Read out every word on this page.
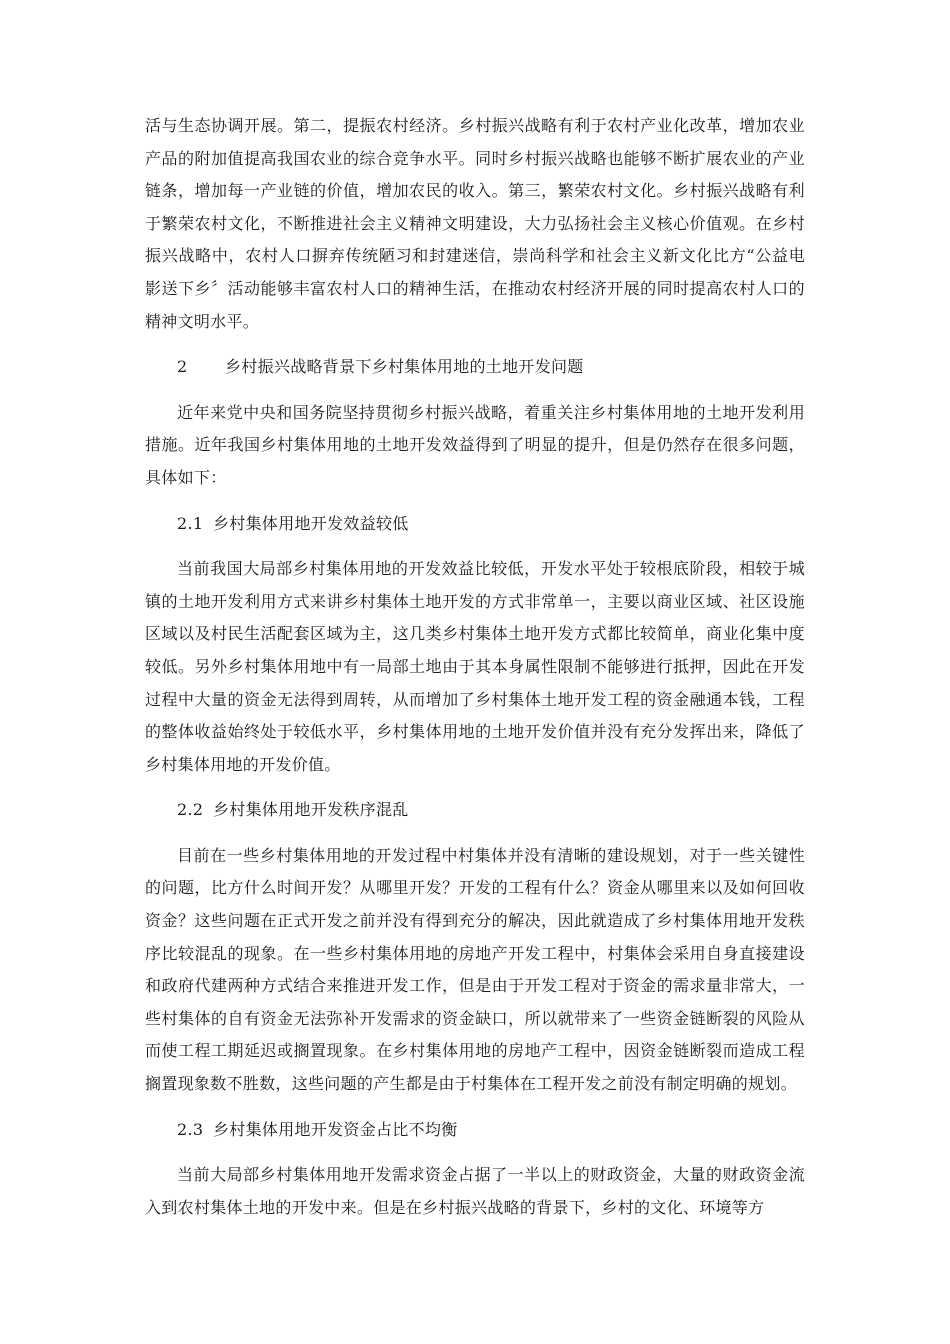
活与生态协调开展。第二，提振农村经济。乡村振兴战略有利于农村产业化改革，增加农业产品的附加值提高我国农业的综合竞争水平。同时乡村振兴战略也能够不断扩展农业的产业链条，增加每一产业链的价值，增加农民的收入。第三，繁荣农村文化。乡村振兴战略有利于繁荣农村文化，不断推进社会主义精神文明建设，大力弘扬社会主义核心价值观。在乡村振兴战略中，农村人口摒弃传统陋习和封建迷信，崇尚科学和社会主义新文化比方“公益电影送下乡〞活动能够丰富农村人口的精神生活，在推动农村经济开展的同时提高农村人口的精神文明水平。

2 乡村振兴战略背景下乡村集体用地的土地开发问题

近年来党中央和国务院坚持贯彻乡村振兴战略，着重关注乡村集体用地的土地开发利用措施。近年我国乡村集体用地的土地开发效益得到了明显的提升，但是仍然存在很多问题，具体如下：

2.1 乡村集体用地开发效益较低

当前我国大局部乡村集体用地的开发效益比较低，开发水平处于较根底阶段，相较于城镇的土地开发利用方式来讲乡村集体土地开发的方式非常单一，主要以商业区域、社区设施区域以及村民生活配套区域为主，这几类乡村集体土地开发方式都比较简单，商业化集中度较低。另外乡村集体用地中有一局部土地由于其本身属性限制不能够进行抵押，因此在开发过程中大量的资金无法得到周转，从而增加了乡村集体土地开发工程的资金融通本钱，工程的整体收益始终处于较低水平，乡村集体用地的土地开发价值并没有充分发挥出来，降低了乡村集体用地的开发价值。

2.2 乡村集体用地开发秩序混乱

目前在一些乡村集体用地的开发过程中村集体并没有清晰的建设规划，对于一些关键性的问题，比方什么时间开发？从哪里开发？开发的工程有什么？资金从哪里来以及如何回收资金？这些问题在正式开发之前并没有得到充分的解决，因此就造成了乡村集体用地开发秩序比较混乱的现象。在一些乡村集体用地的房地产开发工程中，村集体会采用自身直接建设和政府代建两种方式结合来推进开发工作，但是由于开发工程对于资金的需求量非常大，一些村集体的自有资金无法弥补开发需求的资金缺口，所以就带来了一些资金链断裂的风险从而使工程工期延迟或搁置现象。在乡村集体用地的房地产工程中，因资金链断裂而造成工程搁置现象数不胜数，这些问题的产生都是由于村集体在工程开发之前没有制定明确的规划。

2.3 乡村集体用地开发资金占比不均衡

当前大局部乡村集体用地开发需求资金占据了一半以上的财政资金，大量的财政资金流入到农村集体土地的开发中来。但是在乡村振兴战略的背景下，乡村的文化、环境等方
